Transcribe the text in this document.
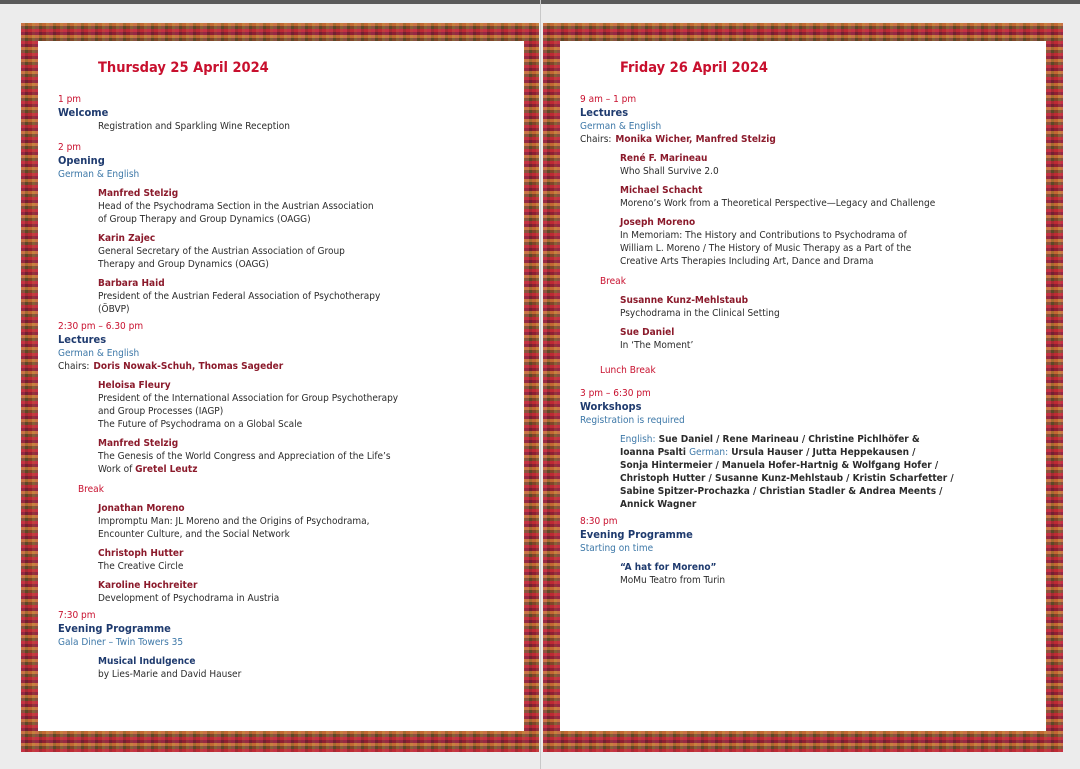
Thursday 25 April 2024
1 pm
Welcome
Registration and Sparkling Wine Reception
2 pm
Opening
German & English
Manfred Stelzig
Head of the Psychodrama Section in the Austrian Association
of Group Therapy and Group Dynamics (OAGG)
Karin Zajec
General Secretary of the Austrian Association of Group
Therapy and Group Dynamics (OAGG)
Barbara Haid
President of the Austrian Federal Association of Psychotherapy
(ÖBVP)
2:30 pm – 6.30 pm
Lectures
German & English
Chairs: Doris Nowak-Schuh, Thomas Sageder
Heloisa Fleury
President of the International Association for Group Psychotherapy
and Group Processes (IAGP)
The Future of Psychodrama on a Global Scale
Manfred Stelzig
The Genesis of the World Congress and Appreciation of the Life’s
Work of Gretel Leutz
Break
Jonathan Moreno
Impromptu Man: JL Moreno and the Origins of Psychodrama,
Encounter Culture, and the Social Network
Christoph Hutter
The Creative Circle
Karoline Hochreiter
Development of Psychodrama in Austria
7:30 pm
Evening Programme
Gala Diner – Twin Towers 35
Musical Indulgence
by Lies-Marie and David Hauser
Friday 26 April 2024
9 am – 1 pm
Lectures
German & English
Chairs: Monika Wicher, Manfred Stelzig
René F. Marineau
Who Shall Survive 2.0
Michael Schacht
Moreno’s Work from a Theoretical Perspective—Legacy and Challenge
Joseph Moreno
In Memoriam: The History and Contributions to Psychodrama of
William L. Moreno / The History of Music Therapy as a Part of the
Creative Arts Therapies Including Art, Dance and Drama
Break
Susanne Kunz-Mehlstaub
Psychodrama in the Clinical Setting
Sue Daniel
In ‘The Moment’
Lunch Break
3 pm – 6:30 pm
Workshops
Registration is required
English: Sue Daniel / Rene Marineau / Christine Pichlhöfer &
Ioanna Psalti German: Ursula Hauser / Jutta Heppekausen /
Sonja Hintermeier / Manuela Hofer-Hartnig & Wolfgang Hofer /
Christoph Hutter / Susanne Kunz-Mehlstaub / Kristin Scharfetter /
Sabine Spitzer-Prochazka / Christian Stadler & Andrea Meents /
Annick Wagner
8:30 pm
Evening Programme
Starting on time
“A hat for Moreno”
MoMu Teatro from Turin
